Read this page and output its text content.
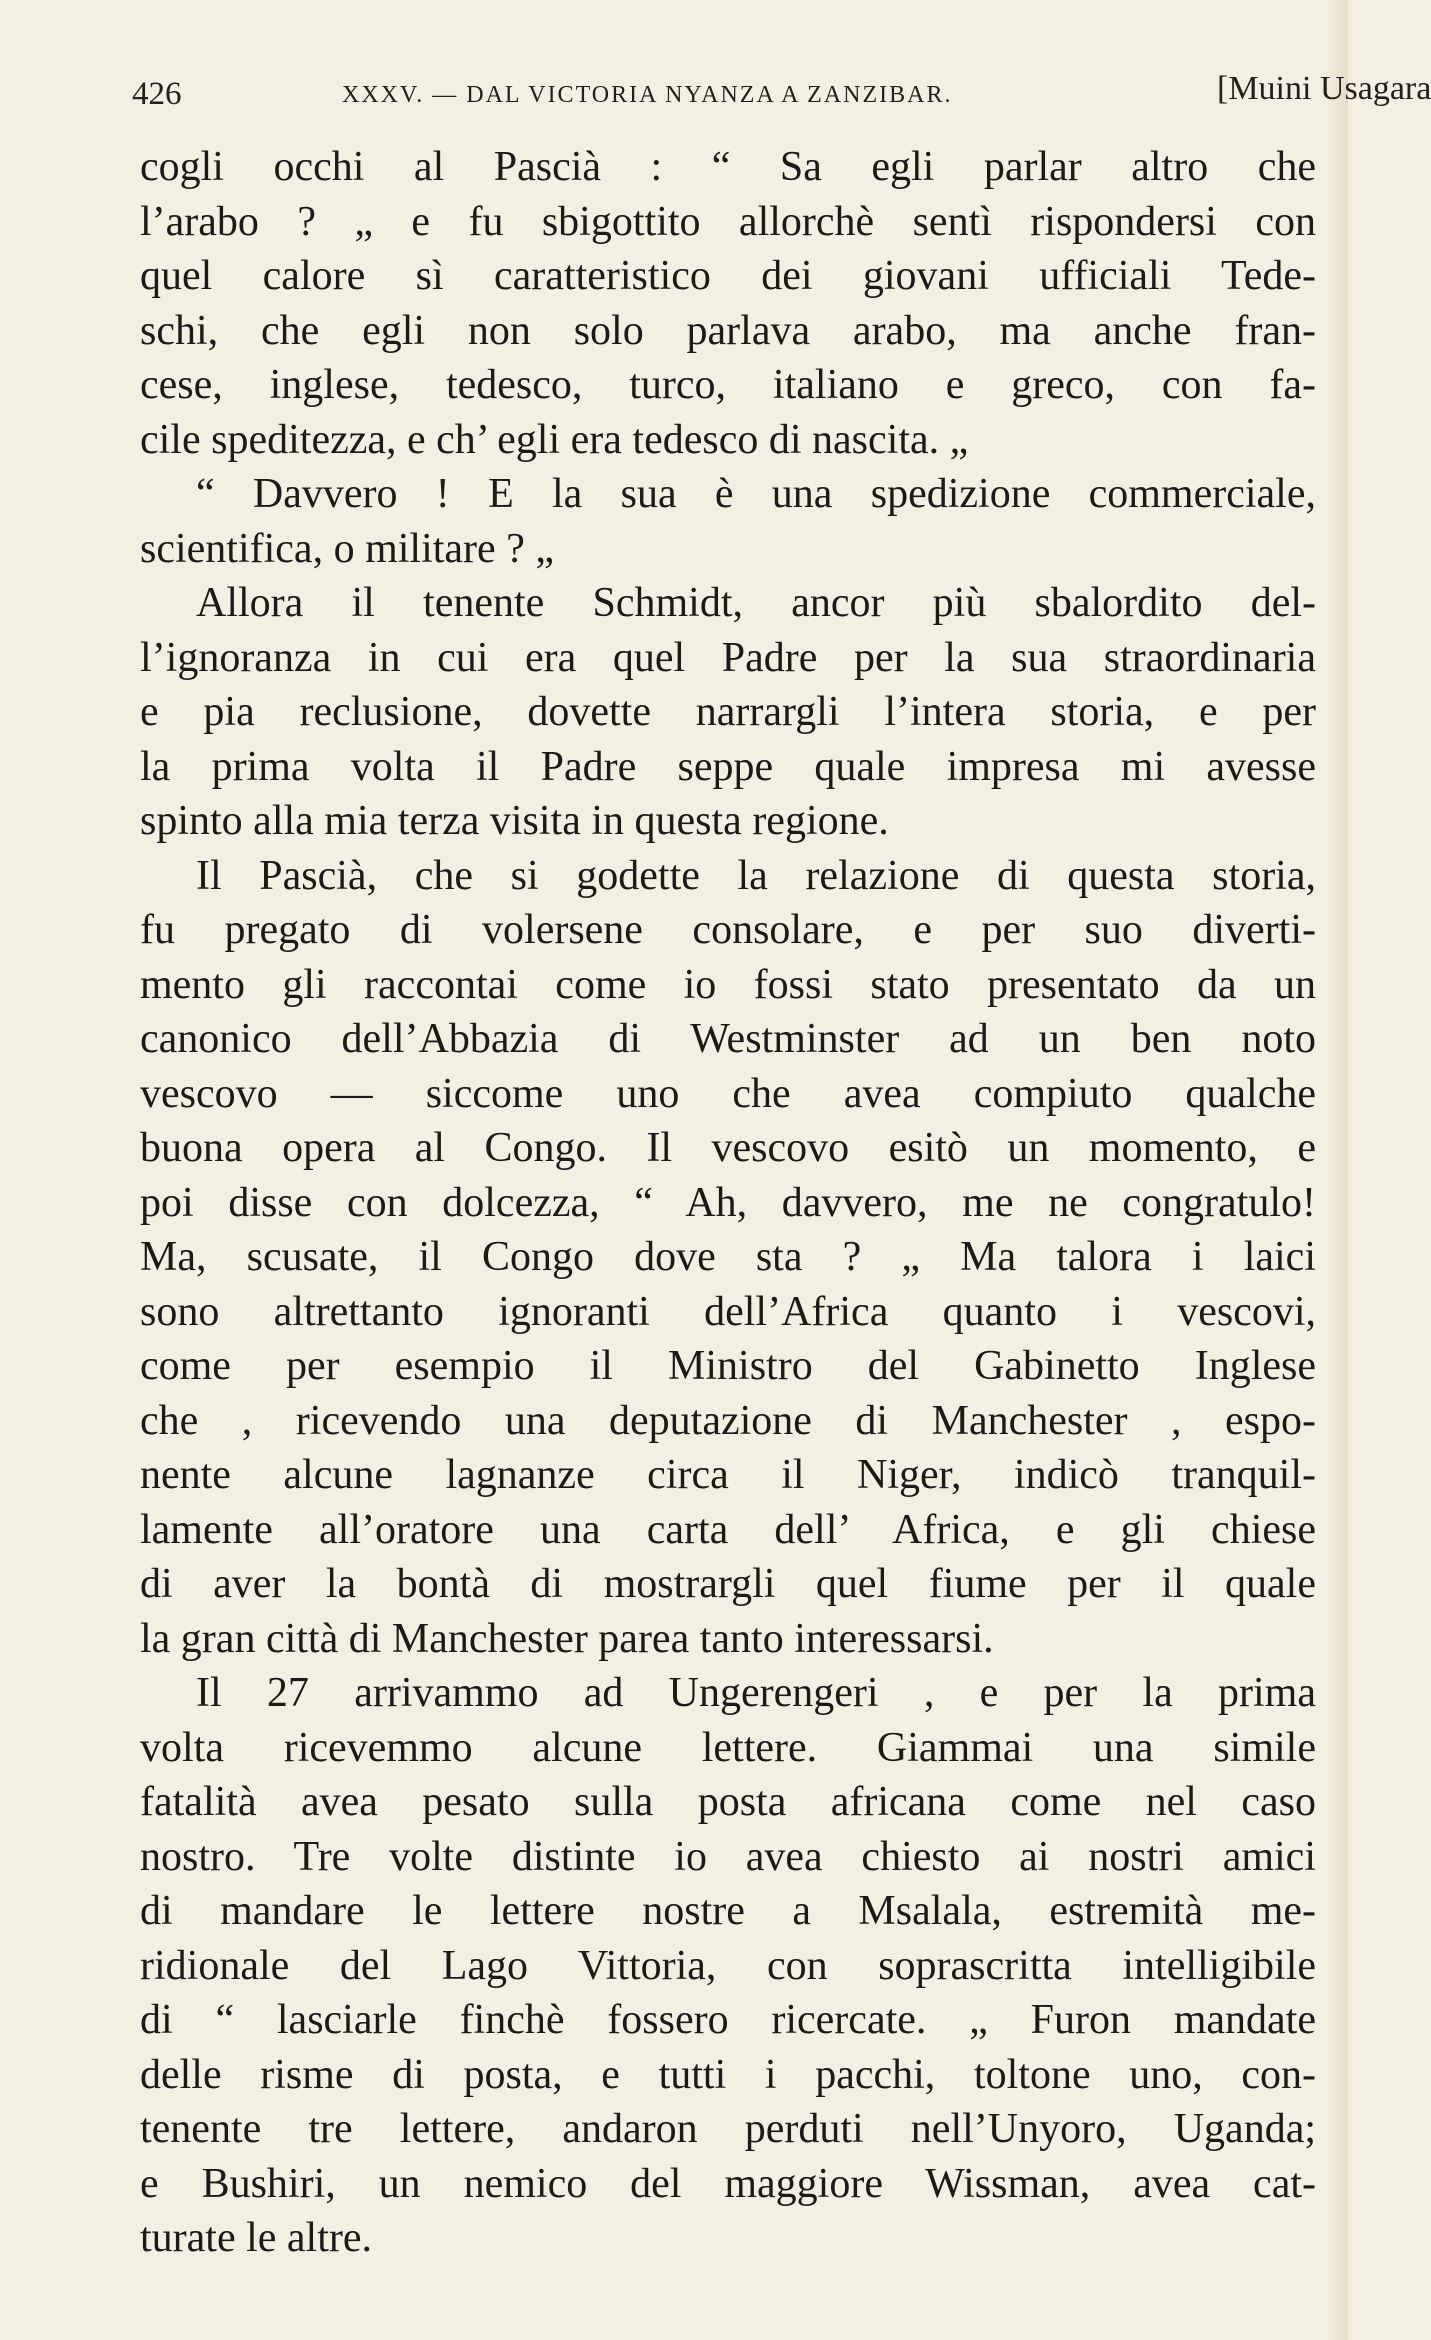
426	XXXV. — DAL VICTORIA NYANZA A ZANZIBAR.	[Muini Usagara
cogli occhi al Pascià : “ Sa egli parlar altro che
l’arabo ? „ e fu sbigottito allorchè sentì rispondersi con
quel calore sì caratteristico dei giovani ufficiali Tede-
schi, che egli non solo parlava arabo, ma anche fran-
cese, inglese, tedesco, turco, italiano e greco, con fa-
cile speditezza, e ch’ egli era tedesco di nascita. „
“ Davvero ! E la sua è una spedizione commerciale,
scientifica, o militare ? „
Allora il tenente Schmidt, ancor più sbalordito del-
l’ignoranza in cui era quel Padre per la sua straordinaria
e pia reclusione, dovette narrargli l’intera storia, e per
la prima volta il Padre seppe quale impresa mi avesse
spinto alla mia terza visita in questa regione.
Il Pascià, che si godette la relazione di questa storia,
fu pregato di volersene consolare, e per suo diverti-
mento gli raccontai come io fossi stato presentato da un
canonico dell’Abbazia di Westminster ad un ben noto
vescovo — siccome uno che avea compiuto qualche
buona opera al Congo. Il vescovo esitò un momento, e
poi disse con dolcezza, “ Ah, davvero, me ne congratulo!
Ma, scusate, il Congo dove sta ? „ Ma talora i laici
sono altrettanto ignoranti dell’Africa quanto i vescovi,
come per esempio il Ministro del Gabinetto Inglese
che , ricevendo una deputazione di Manchester , espo-
nente alcune lagnanze circa il Niger, indicò tranquil-
lamente all’oratore una carta dell’ Africa, e gli chiese
di aver la bontà di mostrargli quel fiume per il quale
la gran città di Manchester parea tanto interessarsi.
Il 27 arrivammo ad Ungerengeri , e per la prima
volta ricevemmo alcune lettere. Giammai una simile
fatalità avea pesato sulla posta africana come nel caso
nostro. Tre volte distinte io avea chiesto ai nostri amici
di mandare le lettere nostre a Msalala, estremità me-
ridionale del Lago Vittoria, con soprascritta intelligibile
di “ lasciarle finchè fossero ricercate. „ Furon mandate
delle risme di posta, e tutti i pacchi, toltone uno, con-
tenente tre lettere, andaron perduti nell’Unyoro, Uganda;
e Bushiri, un nemico del maggiore Wissman, avea cat-
turate le altre.
